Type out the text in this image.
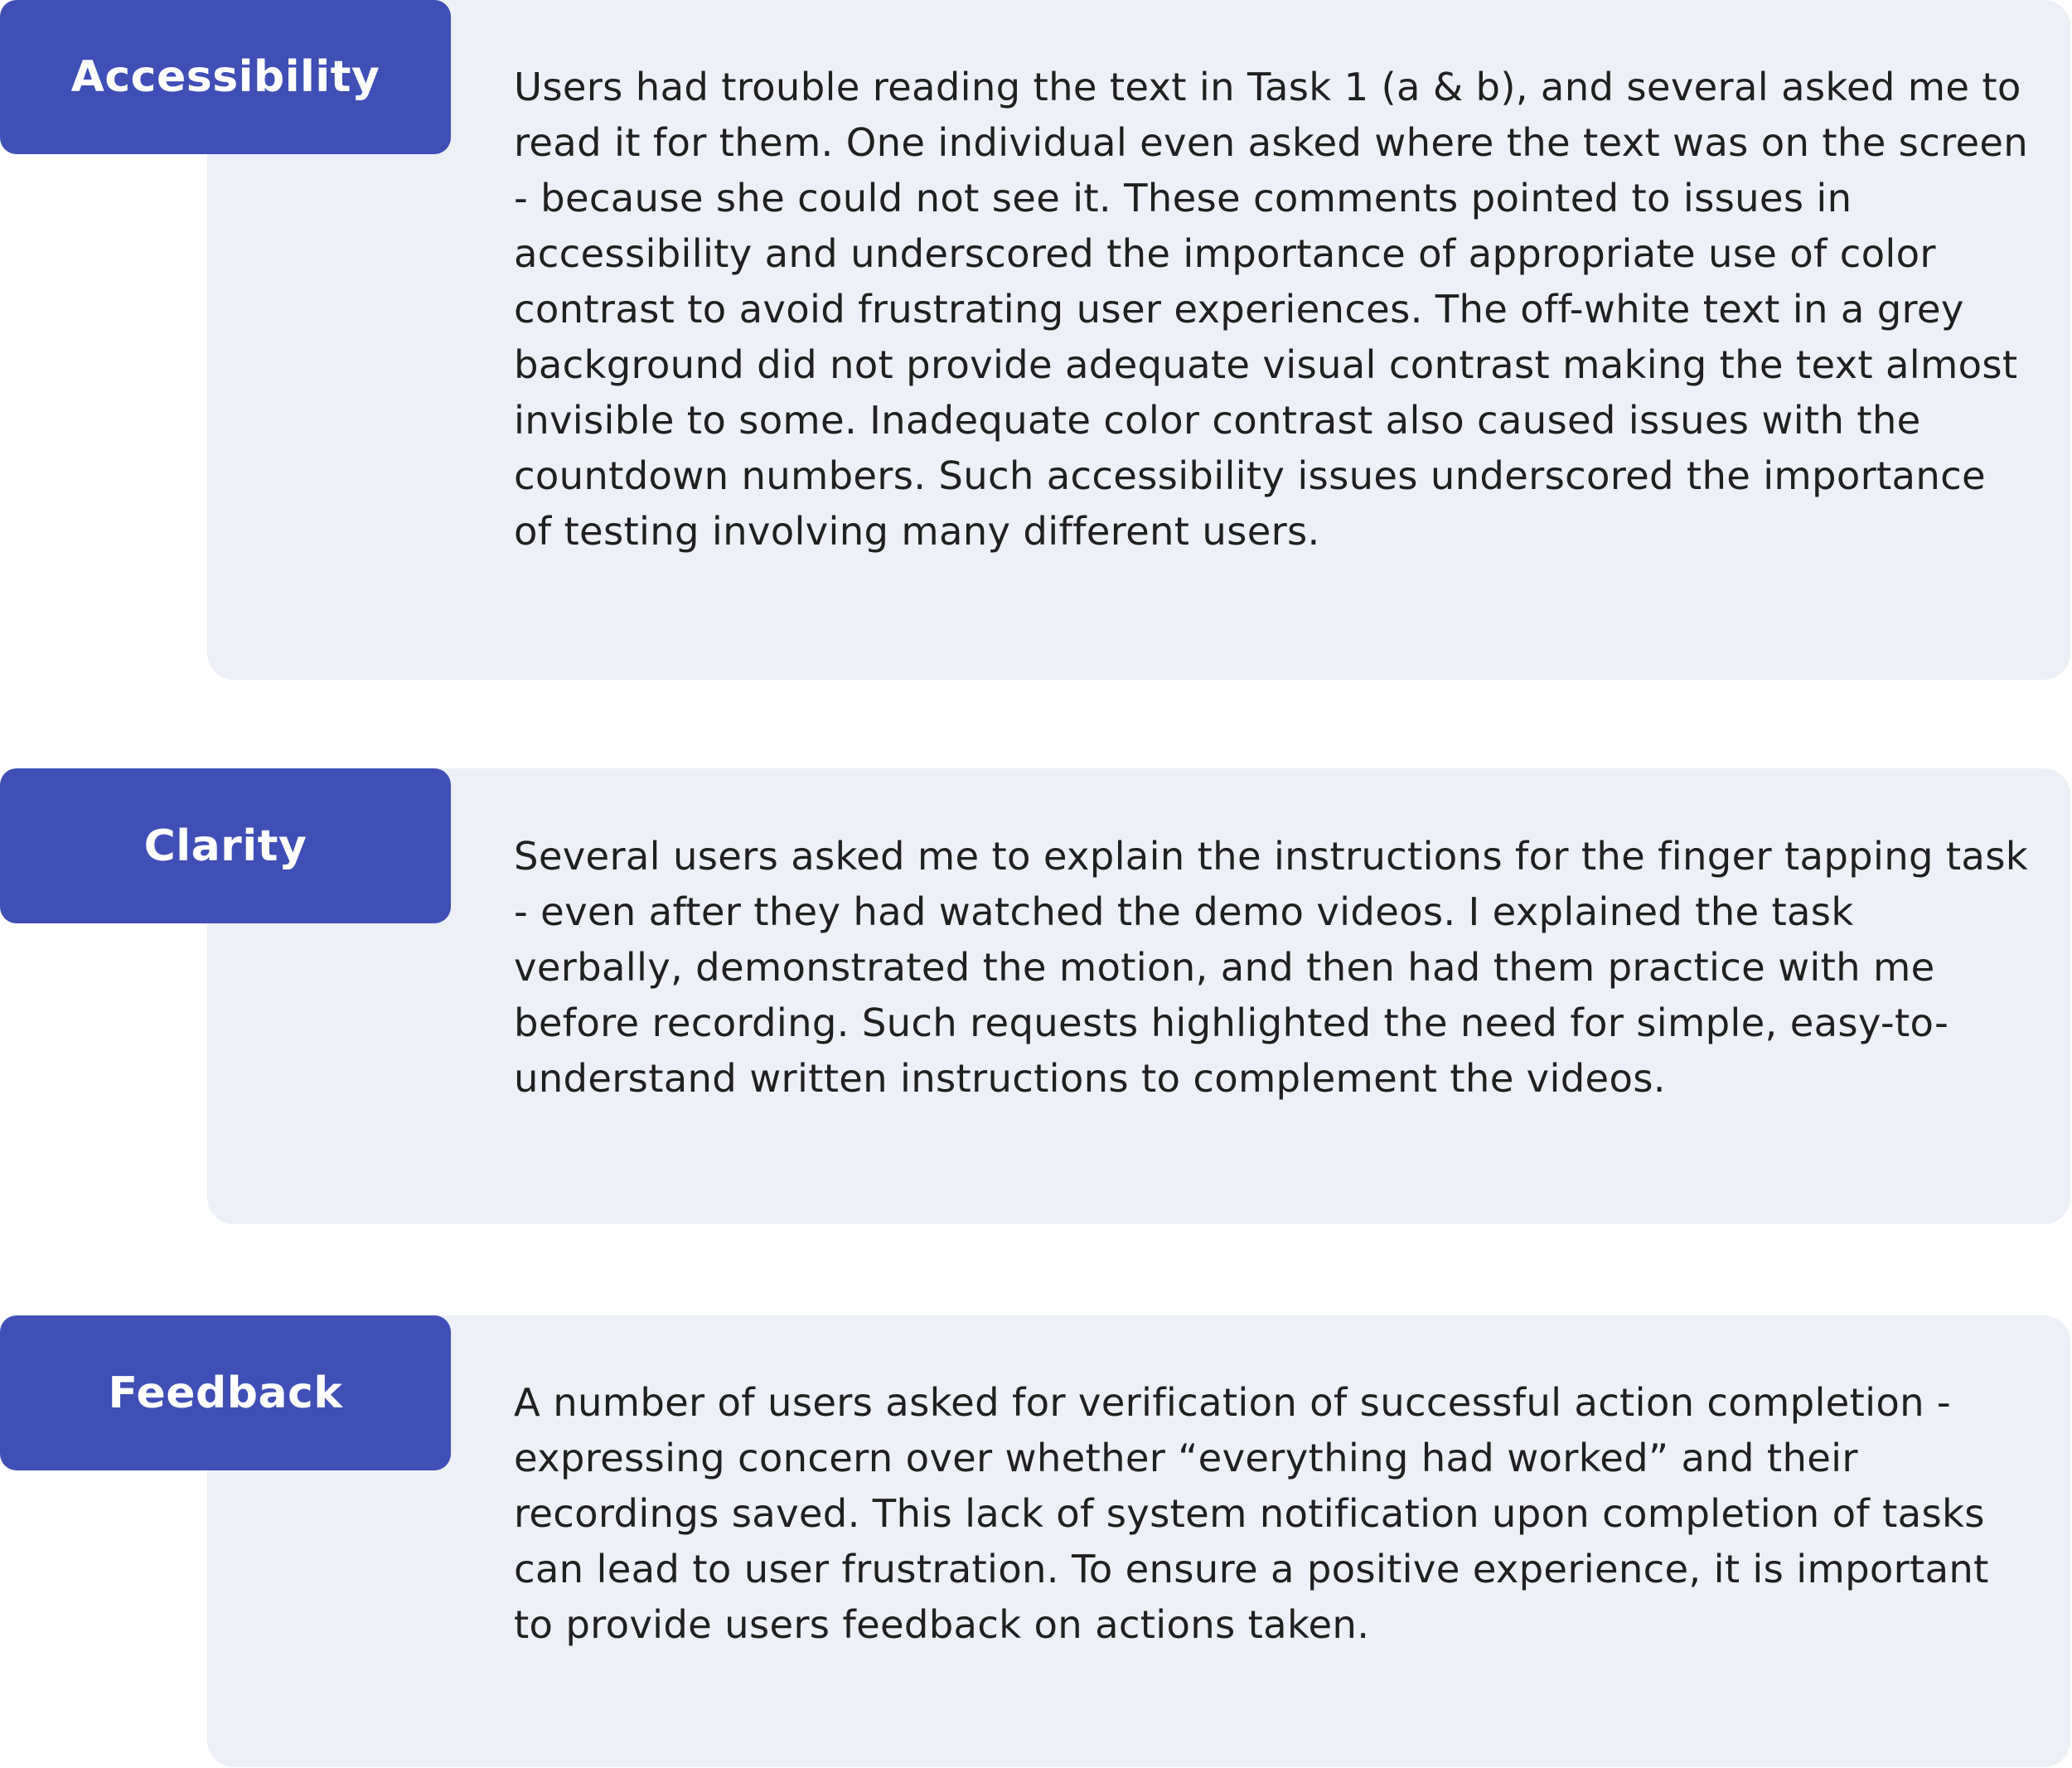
Accessibility	Users had trouble reading the text in Task 1 (a & b), and several asked me to read it for them. One individual even asked where the text was on the screen - because she could not see it. These comments pointed to issues in accessibility and underscored the importance of appropriate use of color contrast to avoid frustrating user experiences. The off-white text in a grey background did not provide adequate visual contrast making the text almost invisible to some. Inadequate color contrast also caused issues with the countdown numbers. Such accessibility issues underscored the importance of testing involving many different users.

Clarity	Several users asked me to explain the instructions for the finger tapping task - even after they had watched the demo videos. I explained the task verbally, demonstrated the motion, and then had them practice with me before recording. Such requests highlighted the need for simple, easy-to-understand written instructions to complement the videos.

Feedback	A number of users asked for verification of successful action completion - expressing concern over whether “everything had worked” and their recordings saved. This lack of system notification upon completion of tasks can lead to user frustration. To ensure a positive experience, it is important to provide users feedback on actions taken.
